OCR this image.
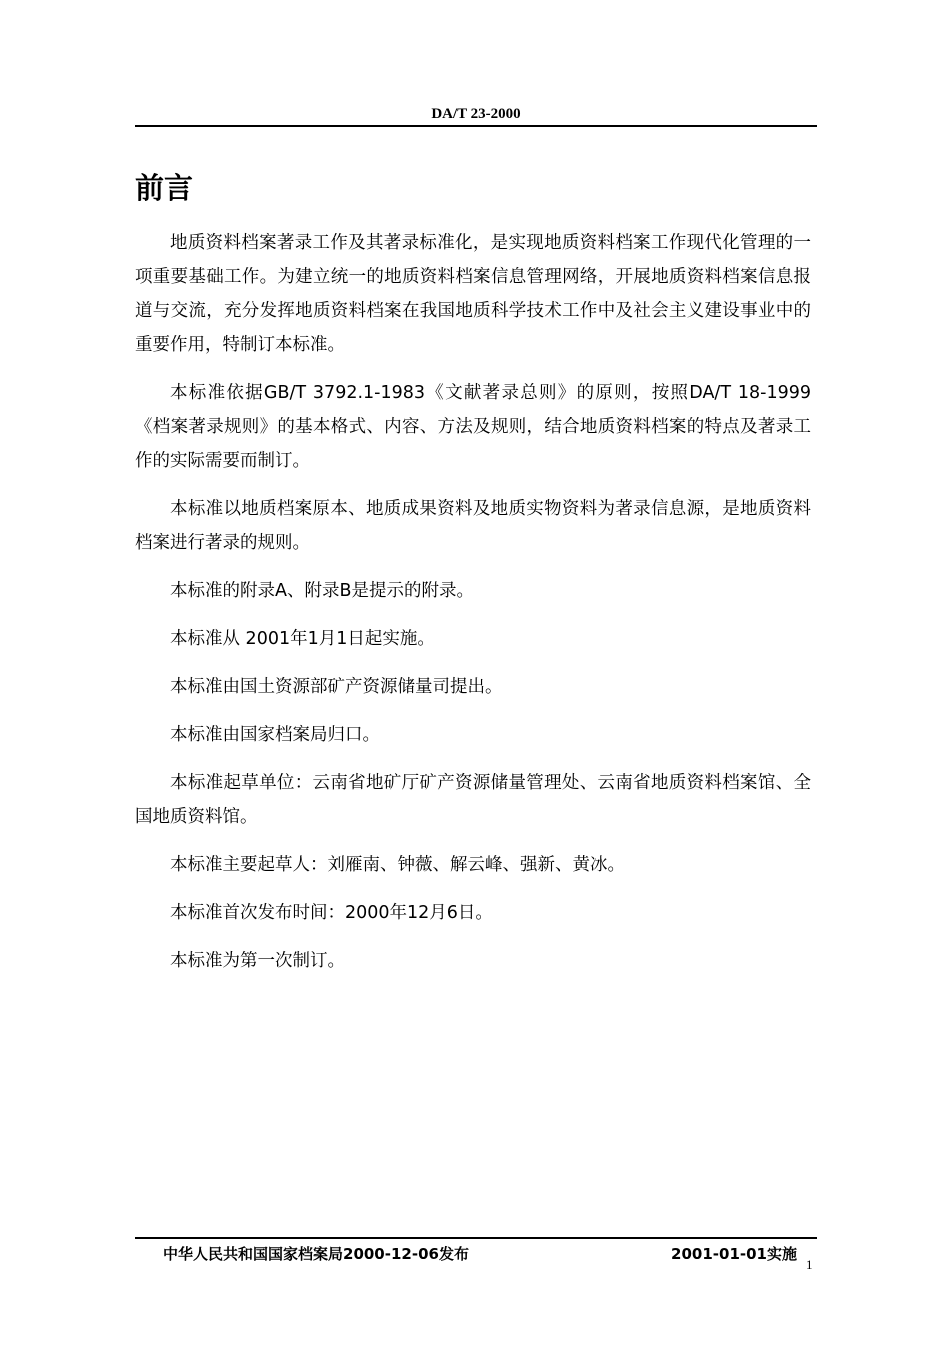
DA/T 23-2000
前言

地质资料档案著录工作及其著录标准化，是实现地质资料档案工作现代化管理的一项重要基础工作。为建立统一的地质资料档案信息管理网络，开展地质资料档案信息报道与交流，充分发挥地质资料档案在我国地质科学技术工作中及社会主义建设事业中的重要作用，特制订本标准。

本标准依据GB/T 3792.1-1983《文献著录总则》的原则，按照DA/T 18-1999《档案著录规则》的基本格式、内容、方法及规则，结合地质资料档案的特点及著录工作的实际需要而制订。

本标准以地质档案原本、地质成果资料及地质实物资料为著录信息源，是地质资料档案进行著录的规则。

本标准的附录A、附录B是提示的附录。

本标准从 2001年1月1日起实施。

本标准由国土资源部矿产资源储量司提出。

本标准由国家档案局归口。

本标准起草单位：云南省地矿厅矿产资源储量管理处、云南省地质资料档案馆、全国地质资料馆。

本标准主要起草人：刘雁南、钟薇、解云峰、强新、黄冰。

本标准首次发布时间：2000年12月6日。

本标准为第一次制订。

中华人民共和国国家档案局2000-12-06发布	2001-01-01实施
1
